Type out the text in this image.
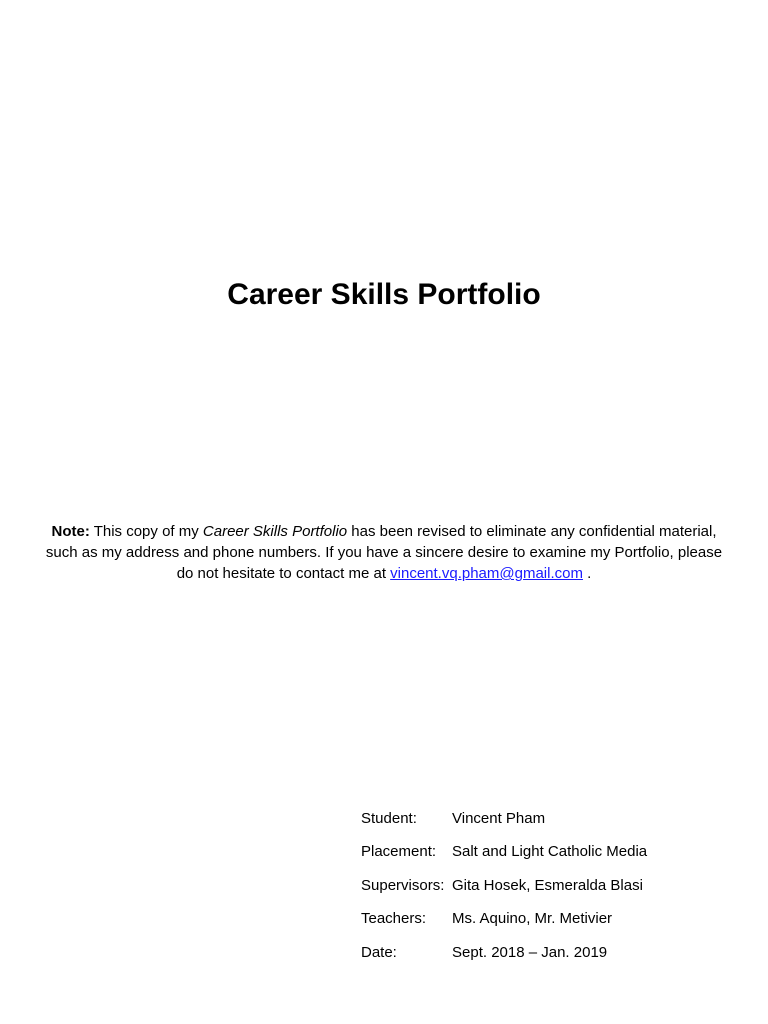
Career Skills Portfolio
Note: This copy of my Career Skills Portfolio has been revised to eliminate any confidential material, such as my address and phone numbers. If you have a sincere desire to examine my Portfolio, please do not hesitate to contact me at vincent.vq.pham@gmail.com .
Student:	Vincent Pham
Placement:	Salt and Light Catholic Media
Supervisors: Gita Hosek, Esmeralda Blasi
Teachers:	Ms. Aquino, Mr. Metivier
Date:	Sept. 2018 – Jan. 2019
